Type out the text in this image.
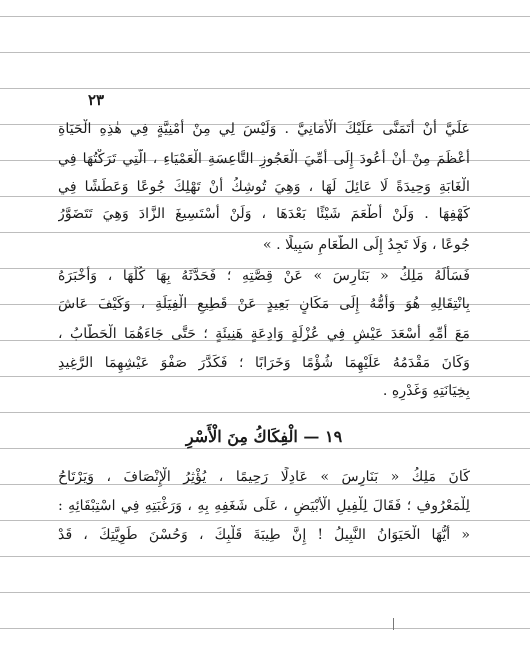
٢٣
عَلَيَّ أَنْ أَتَمَنَّى عَلَيْكَ الْأَمَانِيَّ . وَلَيْسَ لِي مِنْ أُمْنِيَّةٍ فِي هٰذِهِ الْحَيَاةِ
أَعْظَمَ مِنْ أَنْ أَعُودَ إِلَى أُمِّيَ الْعَجُوزِ التَّاعِسَةِ الْعَمْيَاءِ ، الَّتِي تَرَكْتُهَا فِي
الْغَابَةِ وَحِيدَةً لَا عَائِلَ لَهَا ، وَهِيَ تُوشِكُ أَنْ تَهْلِكَ جُوعًا وَعَطَشًا فِي
كَهْفِهَا . وَلَنْ أَطْعَمَ شَيْئًا بَعْدَهَا ، وَلَنْ أَسْتَسِيغَ الزَّادَ وَهِيَ تَتَضَوَّرُ
جُوعًا ، وَلَا تَجِدُ إِلَى الطَّعَامِ سَبِيلًا . »
فَسَأَلَهُ مَلِكُ « بَنَارِسَ » عَنْ قِصَّتِهِ ؛ فَحَدَّثَهُ بِهَا كُلِّهَا ، وَأَخْبَرَهُ
بِانْتِقَالِهِ هُوَ وَأُمُّهُ إِلَى مَكَانٍ بَعِيدٍ عَنْ قَطِيعِ الْفِيَلَةِ ، وَكَيْفَ عَاشَ
مَعَ أُمِّهِ أَسْعَدَ عَيْشٍ فِي عُزْلَةٍ وَادِعَةٍ هَنِيئَةٍ ؛ حَتَّى جَاءَهُمَا الْحَطَّابُ ،
وَكَانَ مَقْدَمُهُ عَلَيْهِمَا شُؤْمًا وَخَرَابًا ؛ فَكَدَّرَ صَفْوَ عَيْشِهِمَا الرَّغِيدِ
بِخِيَانَتِهِ وَغَدْرِهِ .
١٩ — الْفِكَاكُ مِنَ الْأَسْرِ
كَانَ مَلِكُ « بَنَارِسَ » عَادِلًا رَحِيمًا ، يُؤْثِرُ الْإِنْصَافَ ، وَيَرْتَاحُ
لِلْمَعْرُوفِ ؛ فَقَالَ لِلْفِيلِ الْأَبْيَضِ ، عَلَى شَغَفِهِ بِهِ ، وَرَغْبَتِهِ فِي اسْتِبْقَائِهِ :
« أَيُّهَا الْحَيَوَانُ النَّبِيلُ ! إِنَّ طِيبَةَ قَلْبِكَ ، وَحُسْنَ طَوِيَّتِكَ ، قَدْ
